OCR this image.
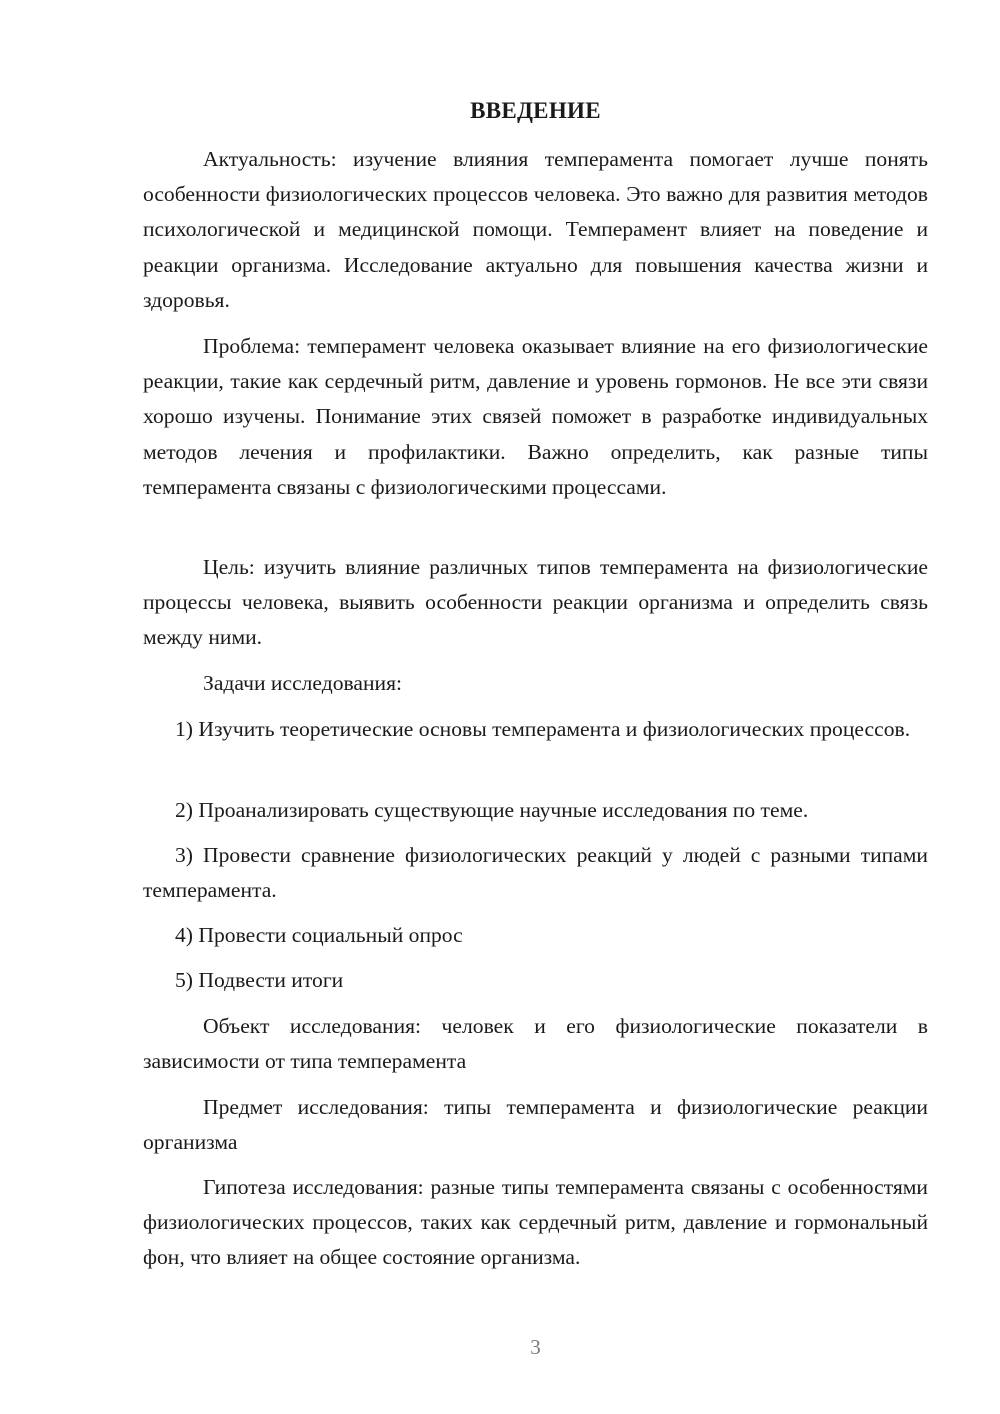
ВВЕДЕНИЕ

Актуальность: изучение влияния темперамента помогает лучше понять особенности физиологических процессов человека. Это важно для развития методов психологической и медицинской помощи. Темперамент влияет на поведение и реакции организма. Исследование актуально для повышения качества жизни и здоровья.

Проблема: темперамент человека оказывает влияние на его физиологические реакции, такие как сердечный ритм, давление и уровень гормонов. Не все эти связи хорошо изучены. Понимание этих связей поможет в разработке индивидуальных методов лечения и профилактики. Важно определить, как разные типы темперамента связаны с физиологическими процессами.

Цель: изучить влияние различных типов темперамента на физиологические процессы человека, выявить особенности реакции организма и определить связь между ними.

Задачи исследования:

1) Изучить теоретические основы темперамента и физиологических процессов.

2) Проанализировать существующие научные исследования по теме.

3) Провести сравнение физиологических реакций у людей с разными типами темперамента.

4) Провести социальный опрос

5) Подвести итоги

Объект исследования: человек и его физиологические показатели в зависимости от типа темперамента

Предмет исследования: типы темперамента и физиологические реакции организма

Гипотеза исследования: разные типы темперамента связаны с особенностями физиологических процессов, таких как сердечный ритм, давление и гормональный фон, что влияет на общее состояние организма.

3
